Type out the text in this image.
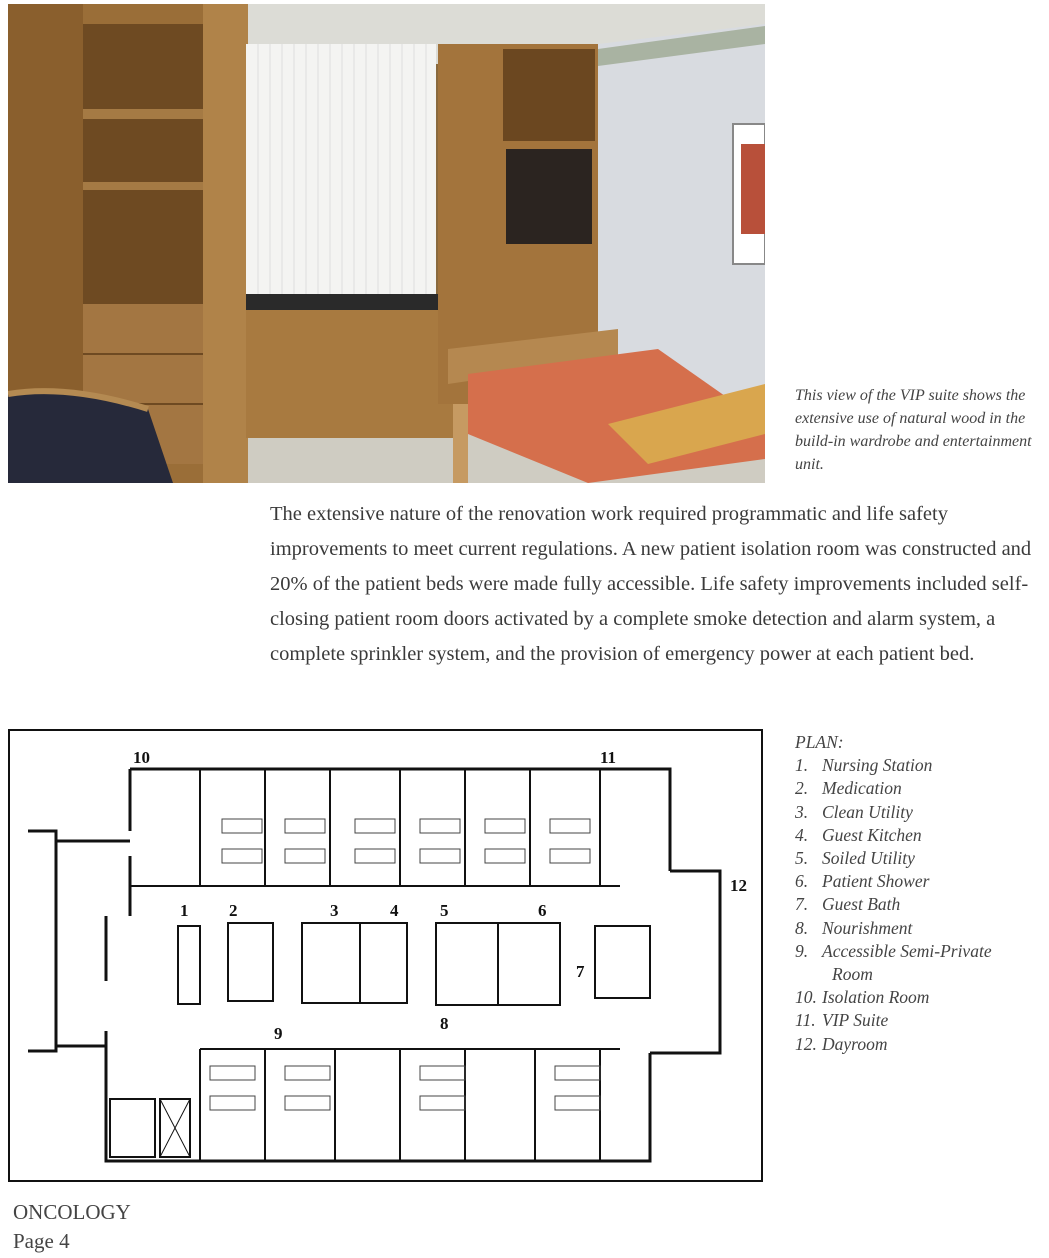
This view of the VIP suite shows the extensive use of natural wood in the build-in wardrobe and entertainment unit.
The extensive nature of the renovation work required programmatic and life safety improvements to meet current regulations. A new patient isolation room was constructed and 20% of the patient beds were made fully accessible. Life safety improvements included self-closing patient room doors activated by a complete smoke detection and alarm system, a complete sprinkler system, and the provision of emergency power at each patient bed.
10	11
12
1 2	3	4 5	6
7
8
9
PLAN:
1. Nursing Station
2. Medication
3. Clean Utility
4. Guest Kitchen
5. Soiled Utility
6. Patient Shower
7. Guest Bath
8. Nourishment
9. Accessible Semi-Private
Room
10. Isolation Room
11. VIP Suite
12. Dayroom
ONCOLOGY
Page 4
